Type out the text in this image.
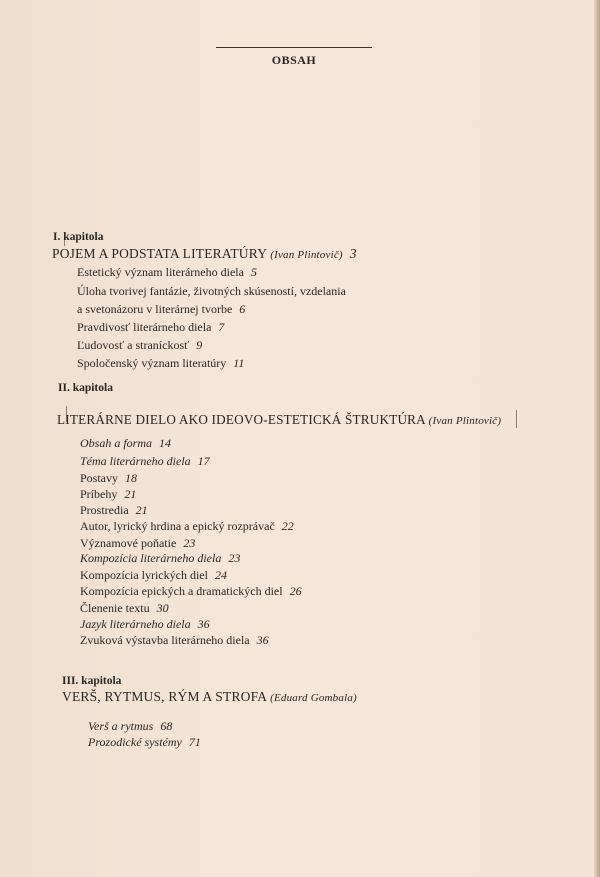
OBSAH
I. kapitola
POJEM A PODSTATA LITERATÚRY (Ivan Plintovič) 3
Estetický význam literárneho diela 5
Úloha tvorivej fantázie, životných skúseností, vzdelania
a svetonázoru v literárnej tvorbe 6
Pravdivosť literárneho diela 7
Ľudovosť a straníckosť 9
Spoločenský význam literatúry 11
II. kapitola
LITERÁRNE DIELO AKO IDEOVO-ESTETICKÁ ŠTRUKTÚRA (Ivan Plintovič)
Obsah a forma 14
Téma literárneho diela 17
Postavy 18
Príbehy 21
Prostredia 21
Autor, lyrický hrdina a epický rozprávač 22
Významové poňatie 23
Kompozícia literárneho diela 23
Kompozícia lyrických diel 24
Kompozícia epických a dramatických diel 26
Členenie textu 30
Jazyk literárneho diela 36
Zvuková výstavba literárneho diela 36
III. kapitola
VERŠ, RYTMUS, RÝM A STROFA (Eduard Gombala)
Verš a rytmus 68
Prozodické systémy 71
